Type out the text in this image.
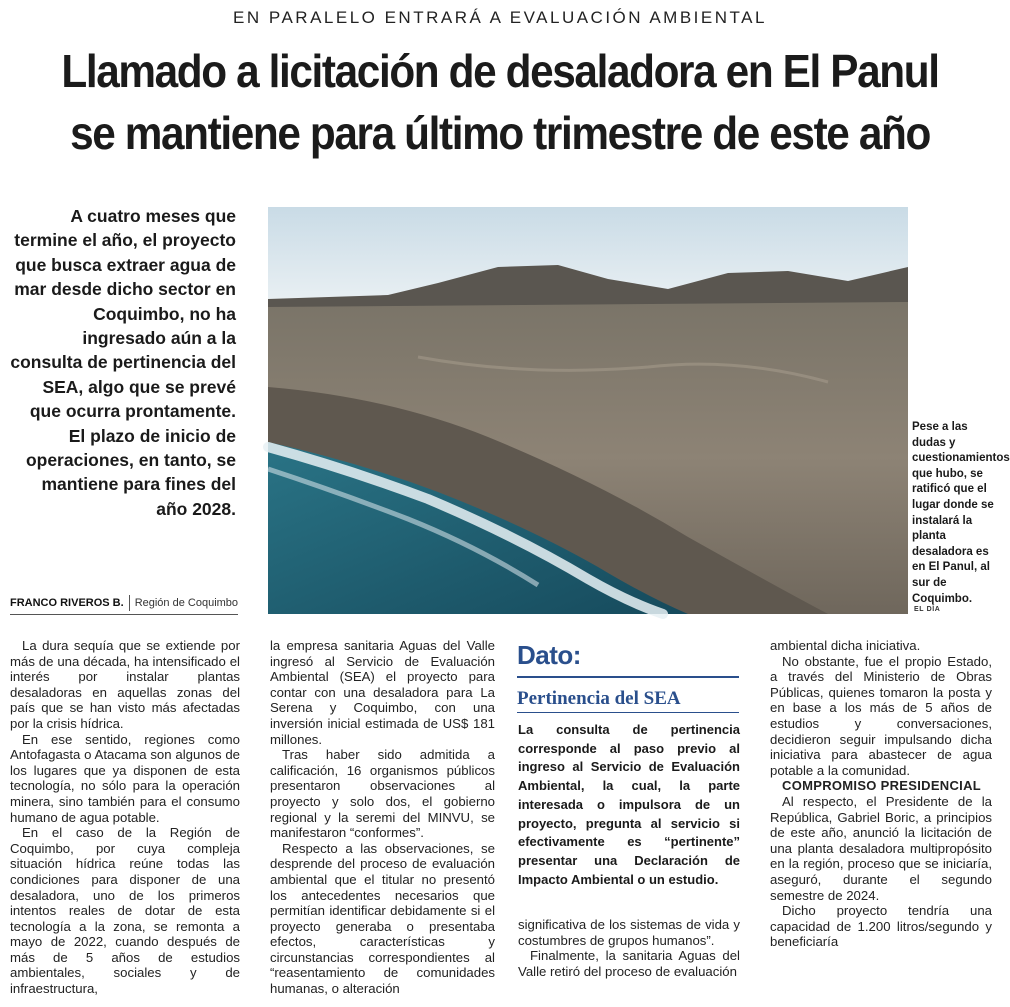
EN PARALELO ENTRARÁ A EVALUACIÓN AMBIENTAL
Llamado a licitación de desaladora en El Panul
se mantiene para último trimestre de este año
A cuatro meses que termine el año, el proyecto que busca extraer agua de mar desde dicho sector en Coquimbo, no ha ingresado aún a la consulta de pertinencia del SEA, algo que se prevé que ocurra prontamente. El plazo de inicio de operaciones, en tanto, se mantiene para fines del año 2028.
FRANCO RIVEROS B. Región de Coquimbo
Pese a las dudas y cuestionamientos que hubo, se ratificó que el lugar donde se instalará la planta desaladora es en El Panul, al sur de Coquimbo.
EL DÍA

La dura sequía que se extiende por más de una década, ha intensificado el interés por instalar plantas desaladoras en aquellas zonas del país que se han visto más afectadas por la crisis hídrica.

En ese sentido, regiones como Antofagasta o Atacama son algunos de los lugares que ya disponen de esta tecnología, no sólo para la operación minera, sino también para el consumo humano de agua potable.

En el caso de la Región de Coquimbo, por cuya compleja situación hídrica reúne todas las condiciones para disponer de una desaladora, uno de los primeros intentos reales de dotar de esta tecnología a la zona, se remonta a mayo de 2022, cuando después de más de 5 años de estudios ambientales, sociales y de infraestructura,

la empresa sanitaria Aguas del Valle ingresó al Servicio de Evaluación Ambiental (SEA) el proyecto para contar con una desaladora para La Serena y Coquimbo, con una inversión inicial estimada de US$ 181 millones.

Tras haber sido admitida a calificación, 16 organismos públicos presentaron observaciones al proyecto y solo dos, el gobierno regional y la seremi del MINVU, se manifestaron “conformes”.

Respecto a las observaciones, se desprende del proceso de evaluación ambiental que el titular no presentó los antecedentes necesarios que permitían identificar debidamente si el proyecto generaba o presentaba efectos, características y circunstancias correspondientes al “reasentamiento de comunidades humanas, o alteración

Dato:
Pertinencia del SEA
La consulta de pertinencia corresponde al paso previo al ingreso al Servicio de Evaluación Ambiental, la cual, la parte interesada o impulsora de un proyecto, pregunta al servicio si efectivamente es “pertinente” presentar una Declaración de Impacto Ambiental o un estudio.

significativa de los sistemas de vida y costumbres de grupos humanos”.

Finalmente, la sanitaria Aguas del Valle retiró del proceso de evaluación

ambiental dicha iniciativa.

No obstante, fue el propio Estado, a través del Ministerio de Obras Públicas, quienes tomaron la posta y en base a los más de 5 años de estudios y conversaciones, decidieron seguir impulsando dicha iniciativa para abastecer de agua potable a la comunidad.

COMPROMISO PRESIDENCIAL

Al respecto, el Presidente de la República, Gabriel Boric, a principios de este año, anunció la licitación de una planta desaladora multipropósito en la región, proceso que se iniciaría, aseguró, durante el segundo semestre de 2024.

Dicho proyecto tendría una capacidad de 1.200 litros/segundo y beneficiaría
